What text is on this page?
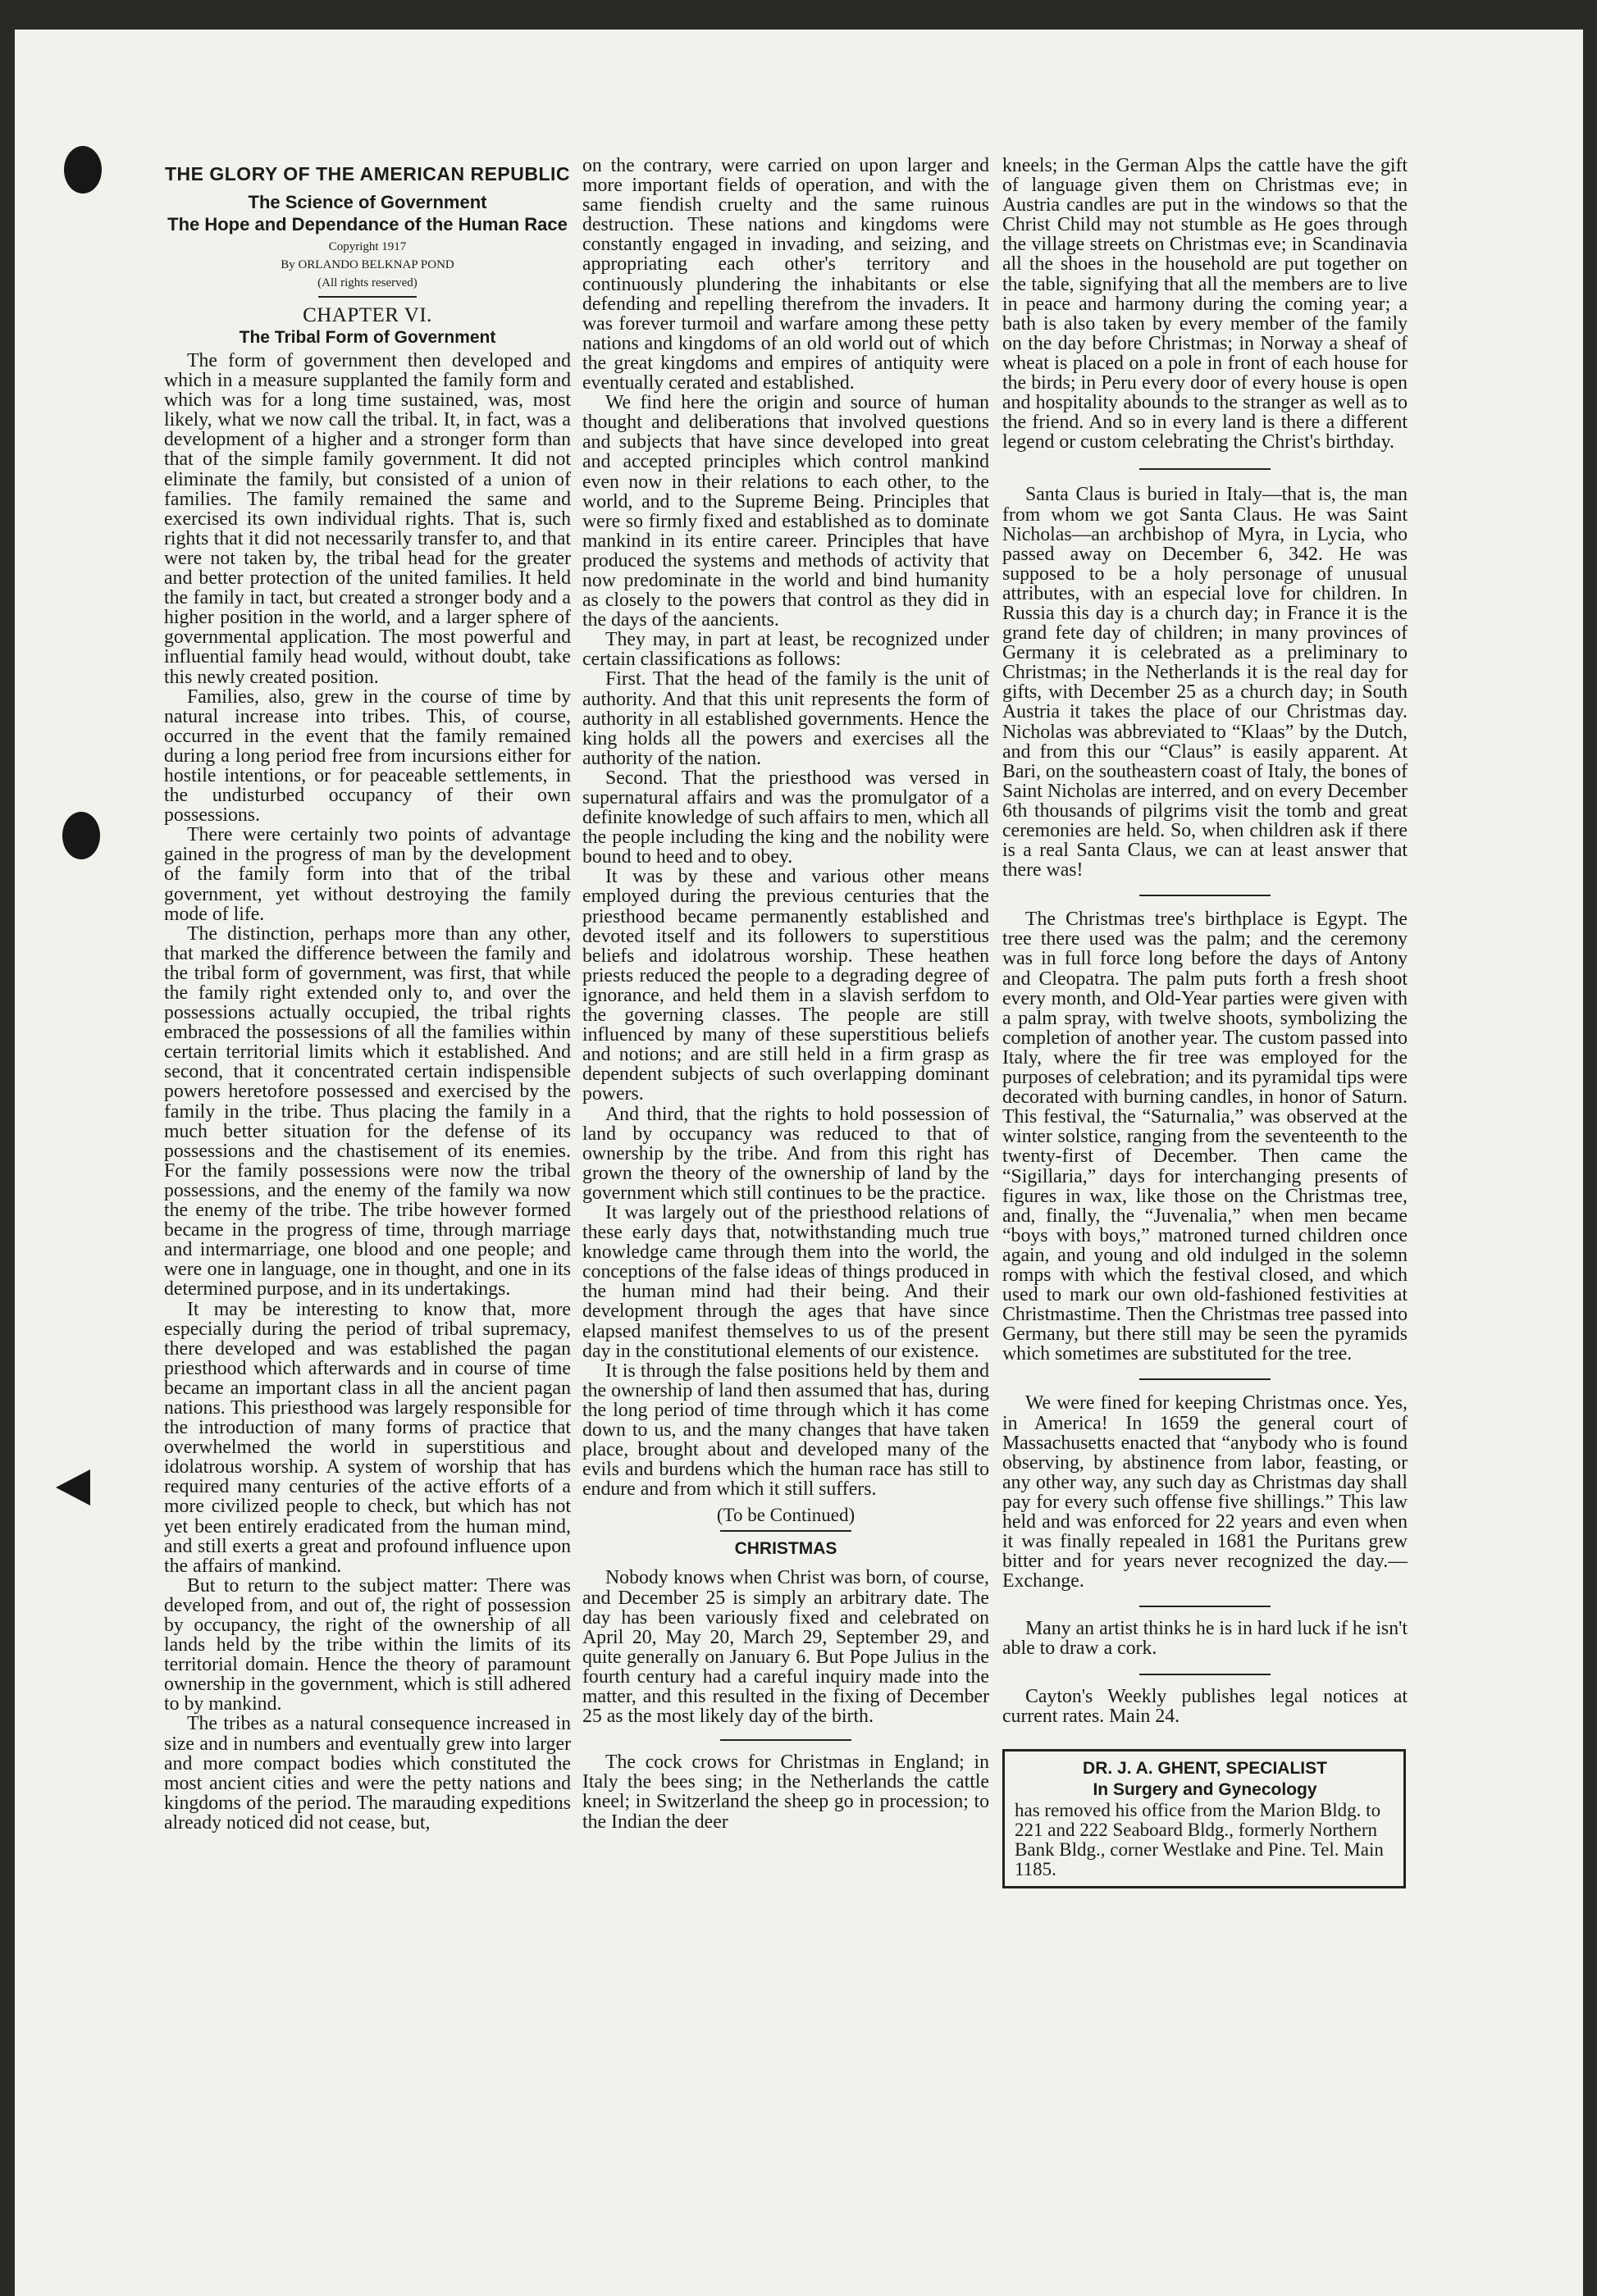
THE GLORY OF THE AMERICAN REPUBLIC
The Science of Government
The Hope and Dependance of the Human Race
Copyright 1917
By ORLANDO BELKNAP POND
(All rights reserved)
CHAPTER VI.
The Tribal Form of Government

The form of government then developed and which in a measure supplanted the family form and which was for a long time sustained, was, most likely, what we now call the tribal. It, in fact, was a development of a higher and a stronger form than that of the simple family government. It did not eliminate the family, but consisted of a union of families. The family remained the same and exercised its own individual rights. That is, such rights that it did not necessarily transfer to, and that were not taken by, the tribal head for the greater and better protection of the united families. It held the family in tact, but created a stronger body and a higher position in the world, and a larger sphere of governmental application. The most powerful and influential family head would, without doubt, take this newly created position.

Families, also, grew in the course of time by natural increase into tribes. This, of course, occurred in the event that the family remained during a long period free from incursions either for hostile intentions, or for peaceable settlements, in the undisturbed occupancy of their own possessions.

There were certainly two points of advantage gained in the progress of man by the development of the family form into that of the tribal government, yet without destroying the family mode of life.

The distinction, perhaps more than any other, that marked the difference between the family and the tribal form of government, was first, that while the family right extended only to, and over the possessions actually occupied, the tribal rights embraced the possessions of all the families within certain territorial limits which it established. And second, that it concentrated certain indispensible powers heretofore possessed and exercised by the family in the tribe. Thus placing the family in a much better situation for the defense of its possessions and the chastisement of its enemies. For the family possessions were now the tribal possessions, and the enemy of the family wa now the enemy of the tribe. The tribe however formed became in the progress of time, through marriage and intermarriage, one blood and one people; and were one in language, one in thought, and one in its determined purpose, and in its undertakings.

It may be interesting to know that, more especially during the period of tribal supremacy, there developed and was established the pagan priesthood which afterwards and in course of time became an important class in all the ancient pagan nations. This priesthood was largely responsible for the introduction of many forms of practice that overwhelmed the world in superstitious and idolatrous worship. A system of worship that has required many centuries of the active efforts of a more civilized people to check, but which has not yet been entirely eradicated from the human mind, and still exerts a great and profound influence upon the affairs of mankind.

But to return to the subject matter: There was developed from, and out of, the right of possession by occupancy, the right of the ownership of all lands held by the tribe within the limits of its territorial domain. Hence the theory of paramount ownership in the government, which is still adhered to by mankind.

The tribes as a natural consequence increased in size and in numbers and eventually grew into larger and more compact bodies which constituted the most ancient cities and were the petty nations and kingdoms of the period. The marauding expeditions already noticed did not cease, but,

on the contrary, were carried on upon larger and more important fields of operation, and with the same fiendish cruelty and the same ruinous destruction. These nations and kingdoms were constantly engaged in invading, and seizing, and appropriating each other's territory and continuously plundering the inhabitants or else defending and repelling therefrom the invaders. It was forever turmoil and warfare among these petty nations and kingdoms of an old world out of which the great kingdoms and empires of antiquity were eventually cerated and established.

We find here the origin and source of human thought and deliberations that involved questions and subjects that have since developed into great and accepted principles which control mankind even now in their relations to each other, to the world, and to the Supreme Being. Principles that were so firmly fixed and established as to dominate mankind in its entire career. Principles that have produced the systems and methods of activity that now predominate in the world and bind humanity as closely to the powers that control as they did in the days of the aancients.

They may, in part at least, be recognized under certain classifications as follows:

First. That the head of the family is the unit of authority. And that this unit represents the form of authority in all established governments. Hence the king holds all the powers and exercises all the authority of the nation.

Second. That the priesthood was versed in supernatural affairs and was the promulgator of a definite knowledge of such affairs to men, which all the people including the king and the nobility were bound to heed and to obey.

It was by these and various other means employed during the previous centuries that the priesthood became permanently established and devoted itself and its followers to superstitious beliefs and idolatrous worship. These heathen priests reduced the people to a degrading degree of ignorance, and held them in a slavish serfdom to the governing classes. The people are still influenced by many of these superstitious beliefs and notions; and are still held in a firm grasp as dependent subjects of such overlapping dominant powers.

And third, that the rights to hold possession of land by occupancy was reduced to that of ownership by the tribe. And from this right has grown the theory of the ownership of land by the government which still continues to be the practice.

It was largely out of the priesthood relations of these early days that, notwithstanding much true knowledge came through them into the world, the conceptions of the false ideas of things produced in the human mind had their being. And their development through the ages that have since elapsed manifest themselves to us of the present day in the constitutional elements of our existence.

It is through the false positions held by them and the ownership of land then assumed that has, during the long period of time through which it has come down to us, and the many changes that have taken place, brought about and developed many of the evils and burdens which the human race has still to endure and from which it still suffers.

(To be Continued)
CHRISTMAS

Nobody knows when Christ was born, of course, and December 25 is simply an arbitrary date. The day has been variously fixed and celebrated on April 20, May 20, March 29, September 29, and quite generally on January 6. But Pope Julius in the fourth century had a careful inquiry made into the matter, and this resulted in the fixing of December 25 as the most likely day of the birth.

The cock crows for Christmas in England; in Italy the bees sing; in the Netherlands the cattle kneel; in Switzerland the sheep go in procession; to the Indian the deer

kneels; in the German Alps the cattle have the gift of language given them on Christmas eve; in Austria candles are put in the windows so that the Christ Child may not stumble as He goes through the village streets on Christmas eve; in Scandinavia all the shoes in the household are put together on the table, signifying that all the members are to live in peace and harmony during the coming year; a bath is also taken by every member of the family on the day before Christmas; in Norway a sheaf of wheat is placed on a pole in front of each house for the birds; in Peru every door of every house is open and hospitality abounds to the stranger as well as to the friend. And so in every land is there a different legend or custom celebrating the Christ's birthday.

Santa Claus is buried in Italy—that is, the man from whom we got Santa Claus. He was Saint Nicholas—an archbishop of Myra, in Lycia, who passed away on December 6, 342. He was supposed to be a holy personage of unusual attributes, with an especial love for children. In Russia this day is a church day; in France it is the grand fete day of children; in many provinces of Germany it is celebrated as a preliminary to Christmas; in the Netherlands it is the real day for gifts, with December 25 as a church day; in South Austria it takes the place of our Christmas day. Nicholas was abbreviated to “Klaas” by the Dutch, and from this our “Claus” is easily apparent. At Bari, on the southeastern coast of Italy, the bones of Saint Nicholas are interred, and on every December 6th thousands of pilgrims visit the tomb and great ceremonies are held. So, when children ask if there is a real Santa Claus, we can at least answer that there was!

The Christmas tree's birthplace is Egypt. The tree there used was the palm; and the ceremony was in full force long before the days of Antony and Cleopatra. The palm puts forth a fresh shoot every month, and Old-Year parties were given with a palm spray, with twelve shoots, symbolizing the completion of another year. The custom passed into Italy, where the fir tree was employed for the purposes of celebration; and its pyramidal tips were decorated with burning candles, in honor of Saturn. This festival, the “Saturnalia,” was observed at the winter solstice, ranging from the seventeenth to the twenty-first of December. Then came the “Sigillaria,” days for interchanging presents of figures in wax, like those on the Christmas tree, and, finally, the “Juvenalia,” when men became “boys with boys,” matroned turned children once again, and young and old indulged in the solemn romps with which the festival closed, and which used to mark our own old-fashioned festivities at Christmastime. Then the Christmas tree passed into Germany, but there still may be seen the pyramids which sometimes are substituted for the tree.

We were fined for keeping Christmas once. Yes, in America! In 1659 the general court of Massachusetts enacted that “anybody who is found observing, by abstinence from labor, feasting, or any other way, any such day as Christmas day shall pay for every such offense five shillings.” This law held and was enforced for 22 years and even when it was finally repealed in 1681 the Puritans grew bitter and for years never recognized the day.—Exchange.

Many an artist thinks he is in hard luck if he isn't able to draw a cork.

Cayton's Weekly publishes legal notices at current rates. Main 24.

DR. J. A. GHENT, SPECIALIST
In Surgery and Gynecology
has removed his office from the Marion Bldg. to 221 and 222 Seaboard Bldg., formerly Northern Bank Bldg., corner Westlake and Pine. Tel. Main 1185.
